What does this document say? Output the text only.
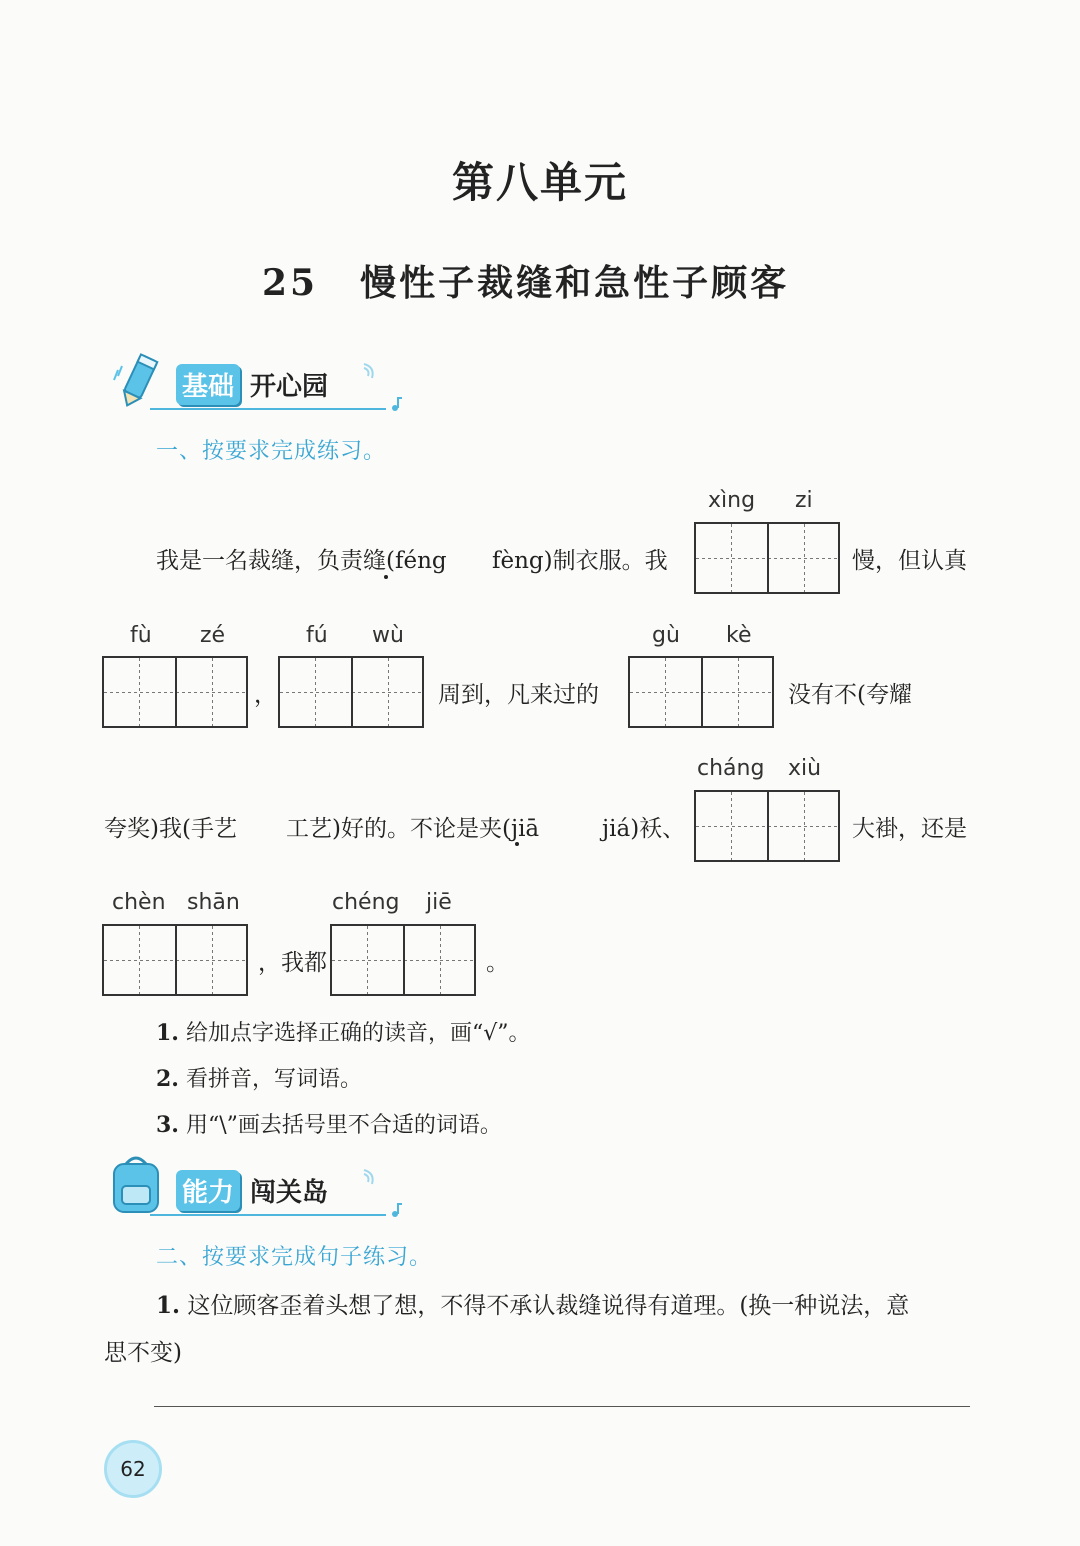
第八单元
25 慢性子裁缝和急性子顾客
基础 开心园
一、按要求完成练习。
xìng zi
我是一名裁缝，负责缝(féng fèng)制衣服。我	慢，但认真
fù zé	fú wù	gù kè
，	周到，凡来过的	没有不(夸耀
cháng xiù
夸奖)我(手艺 工艺)好的。不论是夹(jiā	jiá)袄、	大褂，还是
chèn shān	chéng jiē
，我都	。
1. 给加点字选择正确的读音，画“√”。
2. 看拼音，写词语。
3. 用“\”画去括号里不合适的词语。
能力 闯关岛
二、按要求完成句子练习。
1. 这位顾客歪着头想了想，不得不承认裁缝说得有道理。(换一种说法，意
思不变)
62
